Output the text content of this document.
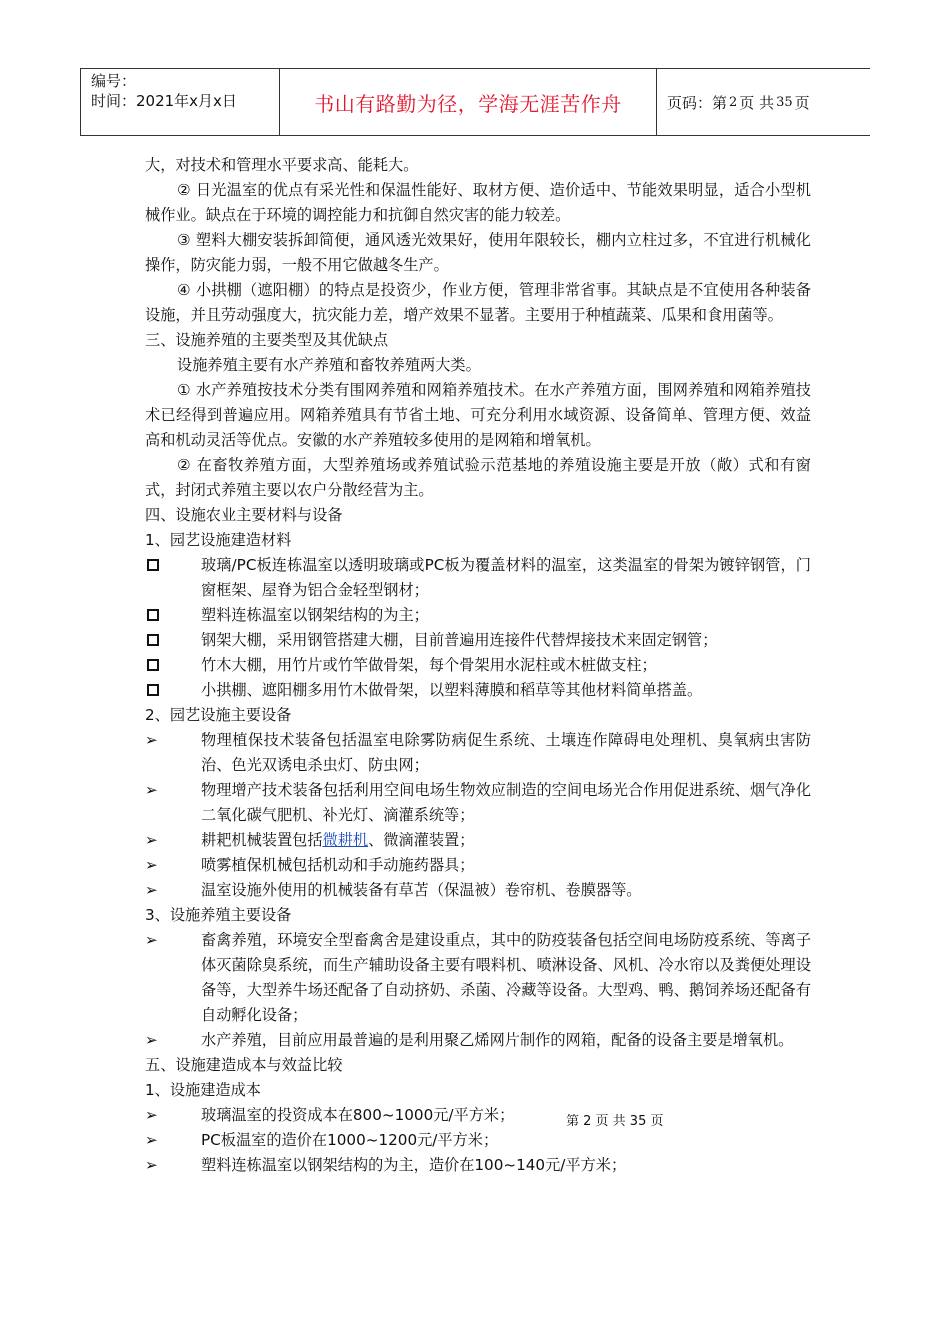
编号：
时间：2021年x月x日	书山有路勤为径，学海无涯苦作舟	页码：第 2 页 共 35 页

大，对技术和管理水平要求高、能耗大。

② 日光温室的优点有采光性和保温性能好、取材方便、造价适中、节能效果明显，适合小型机械作业。缺点在于环境的调控能力和抗御自然灾害的能力较差。

③ 塑料大棚安装拆卸简便，通风透光效果好，使用年限较长，棚内立柱过多，不宜进行机械化操作，防灾能力弱，一般不用它做越冬生产。

④ 小拱棚（遮阳棚）的特点是投资少，作业方便，管理非常省事。其缺点是不宜使用各种装备设施，并且劳动强度大，抗灾能力差，增产效果不显著。主要用于种植蔬菜、瓜果和食用菌等。

三、设施养殖的主要类型及其优缺点

设施养殖主要有水产养殖和畜牧养殖两大类。

① 水产养殖按技术分类有围网养殖和网箱养殖技术。在水产养殖方面，围网养殖和网箱养殖技术已经得到普遍应用。网箱养殖具有节省土地、可充分利用水域资源、设备简单、管理方便、效益高和机动灵活等优点。安徽的水产养殖较多使用的是网箱和增氧机。

② 在畜牧养殖方面，大型养殖场或养殖试验示范基地的养殖设施主要是开放（敞）式和有窗式，封闭式养殖主要以农户分散经营为主。

四、设施农业主要材料与设备

1、园艺设施建造材料

玻璃/PC板连栋温室以透明玻璃或PC板为覆盖材料的温室，这类温室的骨架为镀锌钢管，门窗框架、屋脊为铝合金轻型钢材；

塑料连栋温室以钢架结构的为主；

钢架大棚，采用钢管搭建大棚，目前普遍用连接件代替焊接技术来固定钢管；

竹木大棚，用竹片或竹竿做骨架，每个骨架用水泥柱或木桩做支柱；

小拱棚、遮阳棚多用竹木做骨架，以塑料薄膜和稻草等其他材料简单搭盖。

2、园艺设施主要设备

➢	物理植保技术装备包括温室电除雾防病促生系统、土壤连作障碍电处理机、臭氧病虫害防治、色光双诱电杀虫灯、防虫网；

➢	物理增产技术装备包括利用空间电场生物效应制造的空间电场光合作用促进系统、烟气净化二氧化碳气肥机、补光灯、滴灌系统等；

➢	耕耙机械装置包括微耕机、微滴灌装置；

➢	喷雾植保机械包括机动和手动施药器具；

➢	温室设施外使用的机械装备有草苫（保温被）卷帘机、卷膜器等。

3、设施养殖主要设备

➢	畜禽养殖，环境安全型畜禽舍是建设重点，其中的防疫装备包括空间电场防疫系统、等离子体灭菌除臭系统，而生产辅助设备主要有喂料机、喷淋设备、风机、冷水帘以及粪便处理设备等，大型养牛场还配备了自动挤奶、杀菌、冷藏等设备。大型鸡、鸭、鹅饲养场还配备有自动孵化设备；

➢	水产养殖，目前应用最普遍的是利用聚乙烯网片制作的网箱，配备的设备主要是增氧机。

五、设施建造成本与效益比较

1、设施建造成本

➢	玻璃温室的投资成本在800~1000元/平方米；

➢	PC板温室的造价在1000~1200元/平方米；

➢	塑料连栋温室以钢架结构的为主，造价在100~140元/平方米；

第 2 页 共 35 页
